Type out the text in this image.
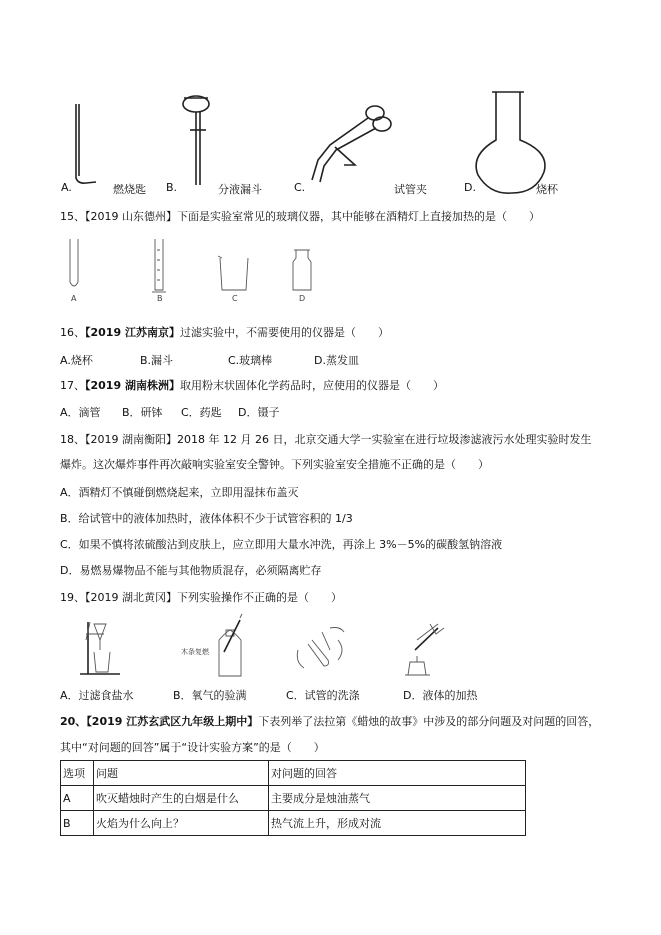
A.	燃烧匙 B.	分液漏斗	C.	试管夹	D.	烧杯
15、【2019 山东德州】下面是实验室常见的玻璃仪器，其中能够在酒精灯上直接加热的是（　　）
A	B	C	D
16、【2019 江苏南京】过滤实验中，不需要使用的仪器是（　　）
A.烧杯	B.漏斗	C.玻璃棒	D.蒸发皿
17、【2019 湖南株洲】取用粉末状固体化学药品时，应使用的仪器是（　　）
A．滴管 B．研钵 C．药匙 D．镊子
18、【2019 湖南衡阳】2018 年 12 月 26 日，北京交通大学一实验室在进行垃圾渗滤液污水处理实验时发生
爆炸。这次爆炸事件再次敲响实验室安全警钟。下列实验室安全措施不正确的是（　　）
A．酒精灯不慎碰倒燃烧起来，立即用湿抹布盖灭
B．给试管中的液体加热时，液体体积不少于试管容积的 1/3
C．如果不慎将浓硫酸沾到皮肤上，应立即用大量水冲洗，再涂上 3%－5%的碳酸氢钠溶液
D．易燃易爆物品不能与其他物质混存，必须隔离贮存
19、【2019 湖北黄冈】下列实验操作不正确的是（　　）
木条复燃
A．过滤食盐水	B．氧气的验满	C．试管的洗涤	D．液体的加热
20、【2019 江苏玄武区九年级上期中】下表列举了法拉第《蜡烛的故事》中涉及的部分问题及对问题的回答，
其中“对问题的回答”属于“设计实验方案”的是（　　）
选项	问题	对问题的回答
A	吹灭蜡烛时产生的白烟是什么	主要成分是烛油蒸气
B	火焰为什么向上？	热气流上升，形成对流
